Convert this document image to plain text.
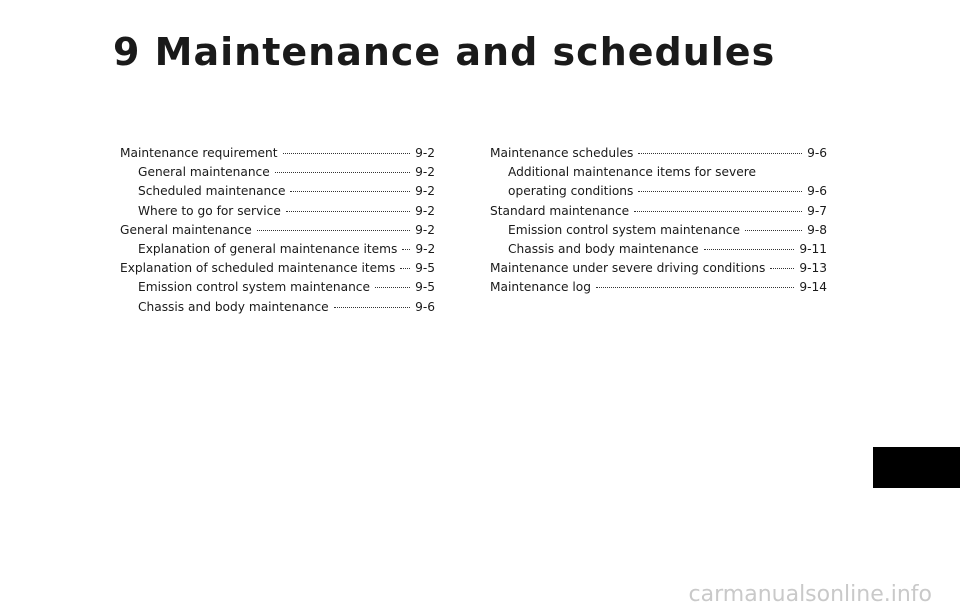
9 Maintenance and schedules
Maintenance requirement	9-2
General maintenance	9-2
Scheduled maintenance	9-2
Where to go for service	9-2
General maintenance	9-2
Explanation of general maintenance items 9-2
Explanation of scheduled maintenance items 9-5
Emission control system maintenance	9-5
Chassis and body maintenance	9-6
Maintenance schedules	9-6
Additional maintenance items for severe
operating conditions	9-6
Standard maintenance	9-7
Emission control system maintenance	9-8
Chassis and body maintenance	9-11
Maintenance under severe driving conditions	9-13
Maintenance log	9-14
carmanualsonline.info
